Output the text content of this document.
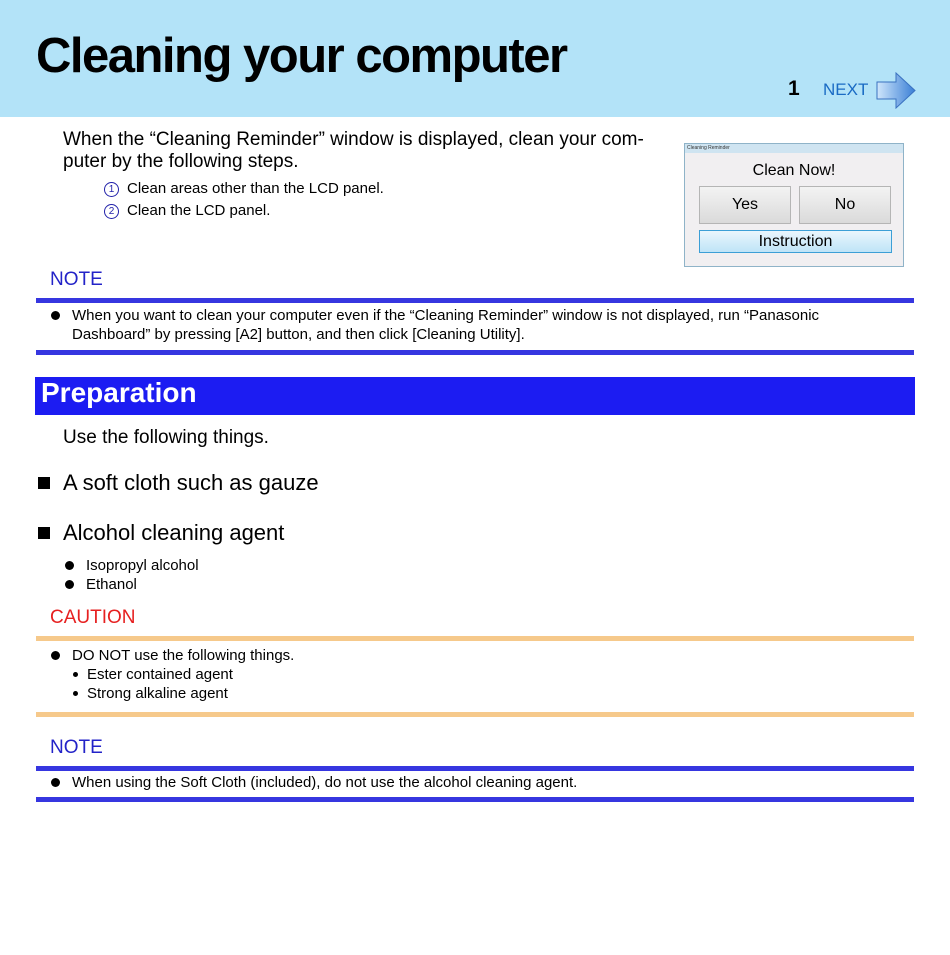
Cleaning your computer
1 NEXT

When the “Cleaning Reminder” window is displayed, clean your com-

puter by the following steps.

1 Clean areas other than the LCD panel.
2 Clean the LCD panel.
Cleaning Reminder
Clean Now!
Yes	No
Instruction
NOTE
When you want to clean your computer even if the “Cleaning Reminder” window is not displayed, run “Panasonic
Dashboard” by pressing [A2] button, and then click [Cleaning Utility].
Preparation
Use the following things.
A soft cloth such as gauze
Alcohol cleaning agent
Isopropyl alcohol
Ethanol
CAUTION
DO NOT use the following things.
Ester contained agent
Strong alkaline agent
NOTE
When using the Soft Cloth (included), do not use the alcohol cleaning agent.
